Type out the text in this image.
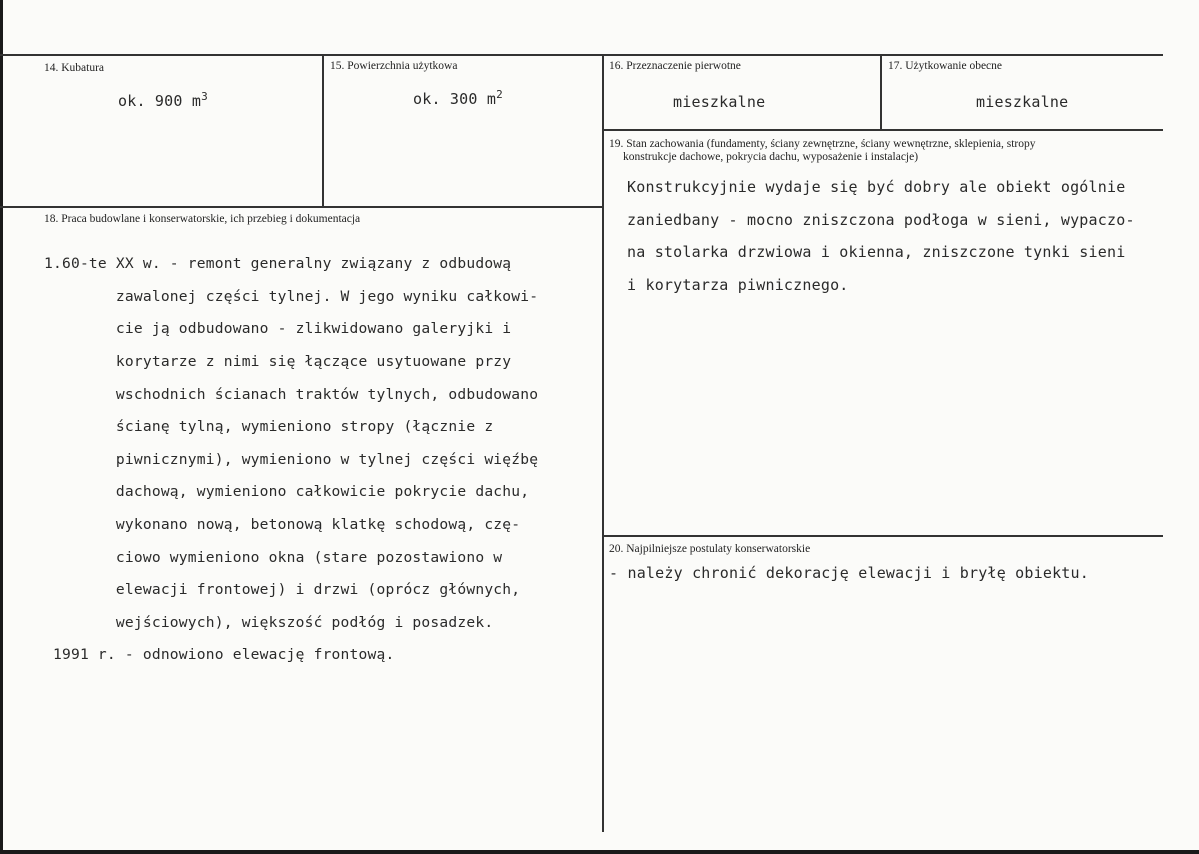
14. Kubatura
ok. 900 $m^3$
15. Powierzchnia użytkowa
ok. 300 $m^2$
16. Przeznaczenie pierwotne
mieszkalne
17. Użytkowanie obecne
mieszkalne
19. Stan zachowania (fundamenty, ściany zewnętrzne, ściany wewnętrzne, sklepienia, stropy
konstrukcje dachowe, pokrycia dachu, wyposażenie i instalacje)

Konstrukcyjnie wydaje się być dobry ale obiekt ogólnie

zaniedbany - mocno zniszczona podłoga w sieni, wypaczo-

na stolarka drzwiowa i okienna, zniszczone tynki sieni

i korytarza piwnicznego.

18. Praca budowlane i konserwatorskie, ich przebieg i dokumentacja

1.60-te XX w. - remont generalny związany z odbudową

zawalonej części tylnej. W jego wyniku całkowi-

cie ją odbudowano - zlikwidowano galeryjki i

korytarze z nimi się łączące usytuowane przy

wschodnich ścianach traktów tylnych, odbudowano

ścianę tylną, wymieniono stropy (łącznie z

piwnicznymi), wymieniono w tylnej części więźbę

dachową, wymieniono całkowicie pokrycie dachu,

wykonano nową, betonową klatkę schodową, czę-

ciowo wymieniono okna (stare pozostawiono w

elewacji frontowej) i drzwi (oprócz głównych,

wejściowych), większość podłóg i posadzek.

1991 r. - odnowiono elewację frontową.

20. Najpilniejsze postulaty konserwatorskie
- należy chronić dekorację elewacji i bryłę obiektu.
